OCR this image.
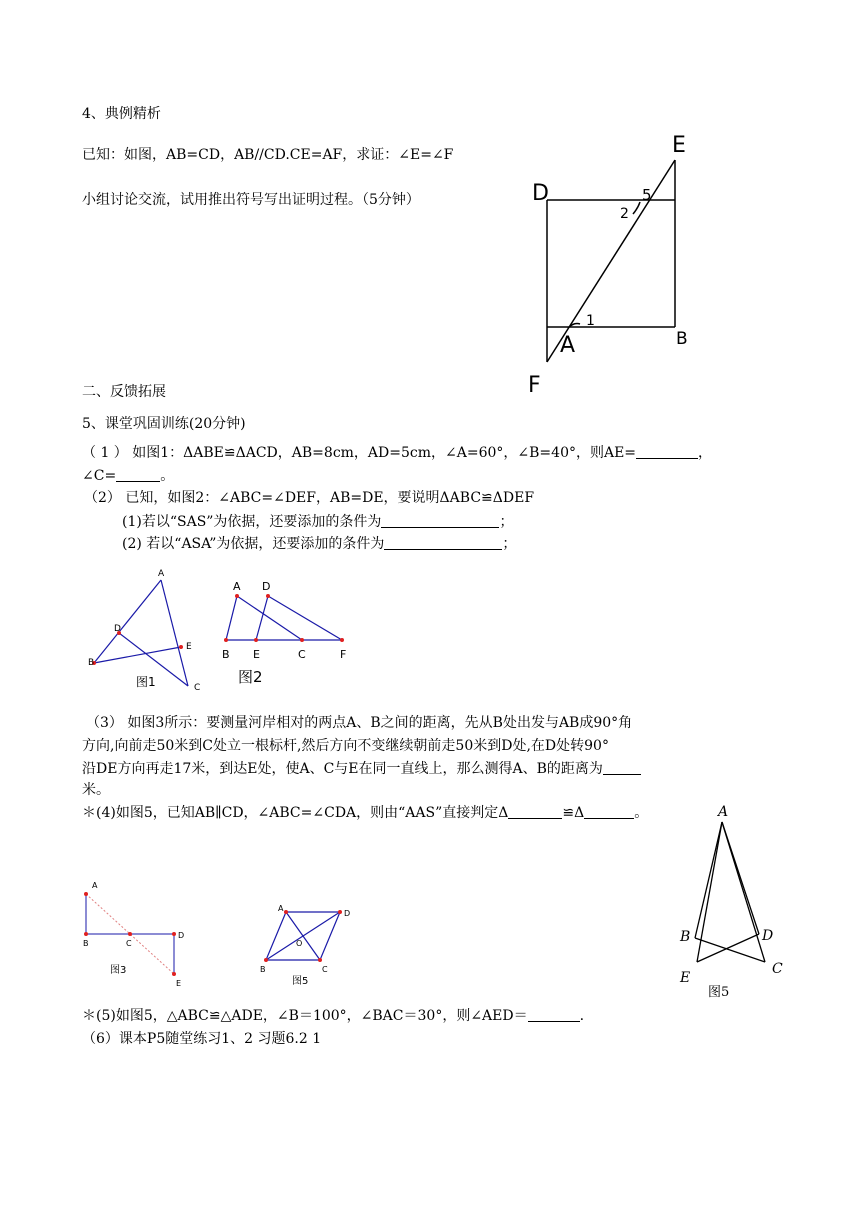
4、典例精析
已知：如图，AB=CD，AB//CD.CE=AF，求证：∠E=∠F
小组讨论交流，试用推出符号写出证明过程。（5分钟）
E
D
A
F
B
5
2
1
二、反馈拓展
5、课堂巩固训练(20分钟)
（ 1 ） 如图1：ΔABE≌ΔACD，AB=8cm，AD=5cm，∠A=60°，∠B=40°，则AE=	，
∠C=	。
（2） 已知，如图2：∠ABC=∠DEF，AB=DE，要说明ΔABC≌ΔDEF
(1)若以“SAS”为依据，还要添加的条件为	；
(2) 若以“ASA”为依据，还要添加的条件为	；
A
D
E
B
C
图1
A D
B E	C	F
图2
（3） 如图3所示：要测量河岸相对的两点A、B之间的距离，先从B处出发与AB成90°角
方向,向前走50米到C处立一根标杆,然后方向不变继续朝前走50米到D处,在D处转90°
沿DE方向再走17米，到达E处，使A、C与E在同一直线上，那么测得A、B的距离为
米。
＊(4)如图5，已知AB∥CD，∠ABC=∠CDA，则由“AAS”直接判定Δ	≌Δ	。
A
B	C
D
E
图3
A
D
O
B	C
图5
A
B	D
E
C
图5
＊(5)如图5，△ABC≌△ADE，∠B＝100°，∠BAC＝30°，则∠AED＝	.
（6）课本P5随堂练习1、2 习题6.2 1
